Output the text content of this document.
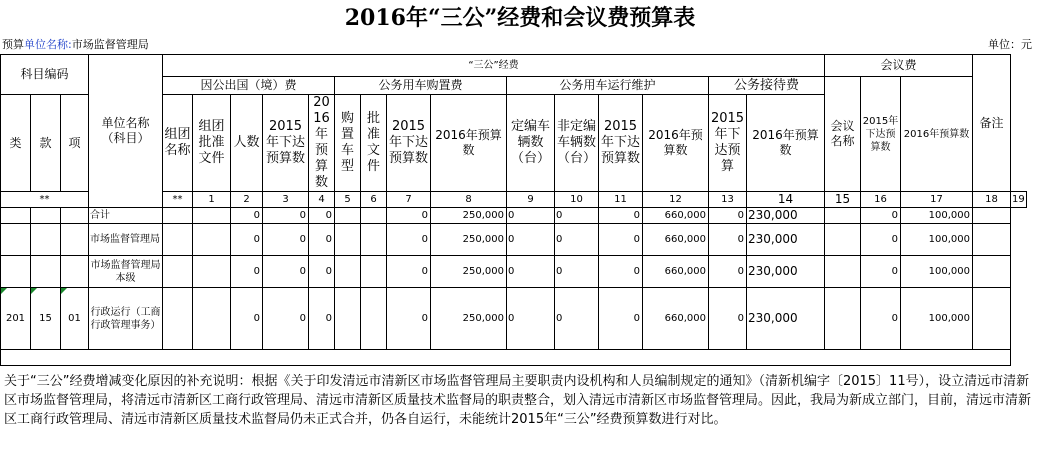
2016年“三公”经费和会议费预算表
预算单位名称:市场监督管理局	单位：元
科目编码			单位名称（科目）	“三公”经费															会议费			备注	
				因公出国（境）费					公务用车购置费				公务用车运行维护				公务接待费		会议名称	2015年下达预算数	2016年预算数		
类	款	项		组团名称	组团批准文件	人数	2015年下达预算数	2016年预算数	购置车型	批准文件	2015年下达预算数	2016年预算数	定编车辆数（台）	非定编车辆数（台）	2015年下达预算数	2016年预算数	2015年下达预算	2016年预算数					
**				**	1	2	3	4	5	6	7	8	9	10	11	12	13	14	15	16	17	18	19
			合计			0	0	0			0	250,000	0	0	0	660,000	0	230,000		0	100,000		
			市场监督管理局			0	0	0			0	250,000	0	0	0	660,000	0	230,000		0	100,000		
			市场监督管理局本级			0	0	0			0	250,000	0	0	0	660,000	0	230,000		0	100,000		
201	15	01	行政运行（工商行政管理事务）			0	0	0			0	250,000	0	0	0	660,000	0	230,000		0	100,000		

关于“三公”经费增减变化原因的补充说明：根据《关于印发清远市清新区市场监督管理局主要职责内设机构和人员编制规定的通知》（清新机编字〔2015〕11号），设立清远市清新区市场监督管理局，将清远市清新区工商行政管理局、清远市清新区质量技术监督局的职责整合，划入清远市清新区市场监督管理局。因此，我局为新成立部门，目前，清远市清新区工商行政管理局、清远市清新区质量技术监督局仍未正式合并，仍各自运行，未能统计2015年“三公”经费预算数进行对比。
